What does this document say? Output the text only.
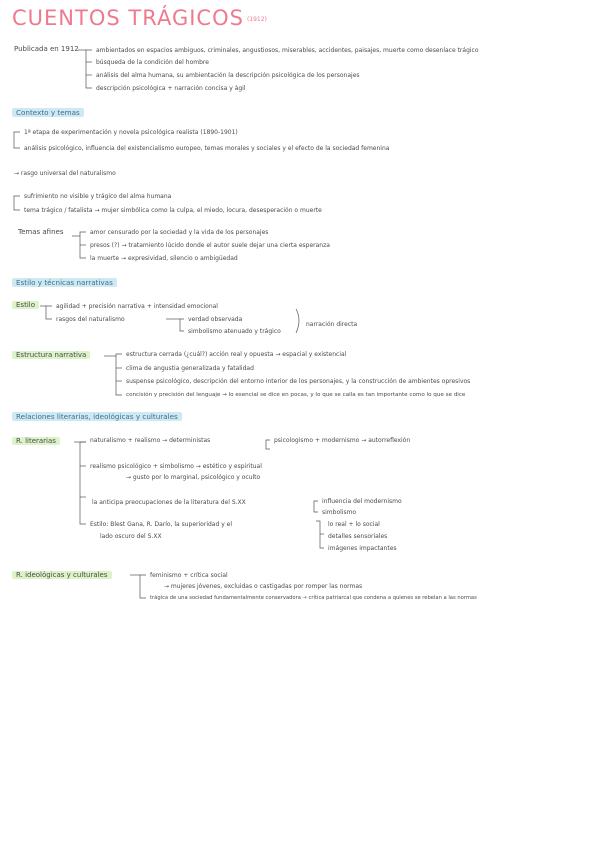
CUENTOS TRÁGICOS (1912)
Publicada en 1912	ambientados en espacios ambiguos, criminales, angustiosos, miserables, accidentes, paisajes, muerte como desenlace trágico
búsqueda de la condición del hombre
análisis del alma humana, su ambientación la descripción psicológica de los personajes
descripción psicológica + narración concisa y ágil
Contexto y temas
1ª etapa de experimentación y novela psicológica realista (1890-1901)
análisis psicológico, influencia del existencialismo europeo, temas morales y sociales y el efecto de la sociedad femenina
→ rasgo universal del naturalismo
sufrimiento no visible y trágico del alma humana
tema trágico / fatalista → mujer simbólica como la culpa, el miedo, locura, desesperación o muerte
Temas afines	amor censurado por la sociedad y la vida de los personajes
presos (?) → tratamiento lúcido donde el autor suele dejar una cierta esperanza
la muerte → expresividad, silencio o ambigüedad
Estilo y técnicas narrativas
Estilo	agilidad + precisión narrativa + intensidad emocional
rasgos del naturalismo	verdad observada
simbolismo atenuado y trágico
narración directa
Estructura narrativa	estructura cerrada (¿cuál?) acción real y opuesta → espacial y existencial
clima de angustia generalizada y fatalidad
suspense psicológico, descripción del entorno interior de los personajes, y la construcción de ambientes opresivos
concisión y precisión del lenguaje → lo esencial se dice en pocas, y lo que se calla es tan importante como lo que se dice
Relaciones literarias, ideológicas y culturales
R. literarias	naturalismo + realismo → deterministas	psicologismo + modernismo → autorreflexión
realismo psicológico + simbolismo → estético y espiritual
→ gusto por lo marginal, psicológico y oculto
la anticipa preocupaciones de la literatura del S.XX	influencia del modernismo
simbolismo
lo real + lo social
detalles sensoriales
imágenes impactantes
Estilo: Blest Gana, R. Darío, la superioridad y el
lado oscuro del S.XX
R. ideológicas y culturales	feminismo + crítica social
→ mujeres jóvenes, excluidas o castigadas por romper las normas
trágica de una sociedad fundamentalmente conservadora → crítica patriarcal que condena a quienes se rebelan a las normas
